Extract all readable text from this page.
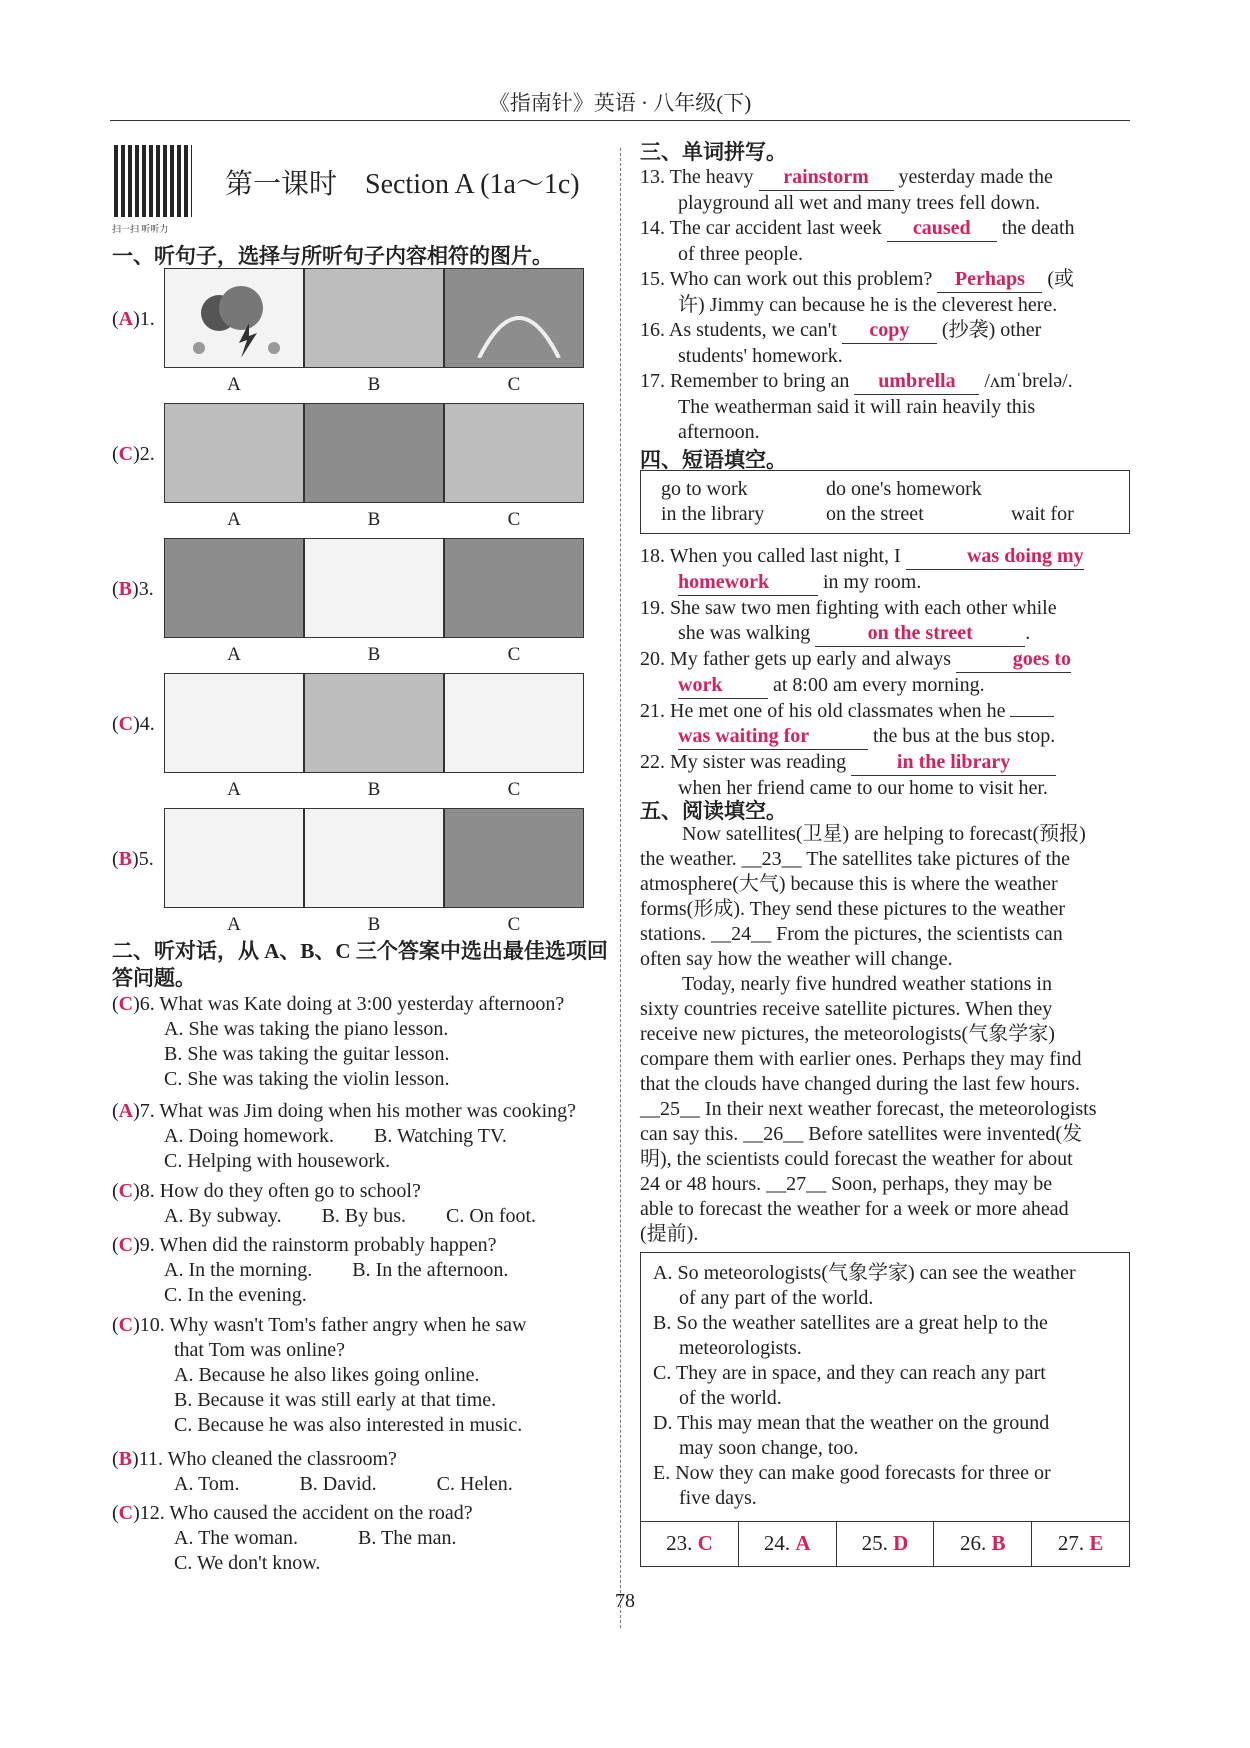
《指南针》英语 · 八年级(下)
扫一扫 听听力
第一课时　Section A (1a～1c)
一、听句子，选择与所听句子内容相符的图片。
(A)1.
A	B	C
(C)2.
A	B	C
(B)3.
A	B	C
(C)4.
A	B	C
(B)5.
A	B	C
二、听对话，从 A、B、C 三个答案中选出最佳选项回
答问题。
(C)6. What was Kate doing at 3:00 yesterday afternoon?
A. She was taking the piano lesson.
B. She was taking the guitar lesson.
C. She was taking the violin lesson.
(A)7. What was Jim doing when his mother was cooking?
A. Doing homework.　　B. Watching TV.
C. Helping with housework.
(C)8. How do they often go to school?
A. By subway.　　B. By bus.　　C. On foot.
(C)9. When did the rainstorm probably happen?
A. In the morning.　　B. In the afternoon.
C. In the evening.
(C)10. Why wasn't Tom's father angry when he saw
that Tom was online?
A. Because he also likes going online.
B. Because it was still early at that time.
C. Because he was also interested in music.
(B)11. Who cleaned the classroom?
A. Tom.　　　B. David.　　　C. Helen.
(C)12. Who caused the accident on the road?
A. The woman.　　　B. The man.
C. We don't know.
三、单词拼写。
13. The heavy rainstorm yesterday made the
playground all wet and many trees fell down.
14. The car accident last week caused the death
of three people.
15. Who can work out this problem? Perhaps (或
许) Jimmy can because he is the cleverest here.
16. As students, we can't copy (抄袭) other
students' homework.
17. Remember to bring an umbrella /ʌmˈbrelə/.
The weatherman said it will rain heavily this
afternoon.
四、短语填空。
go to work	do one's homework
in the library	on the street	wait for
18. When you called last night, I	was doing my
homework in my room.
19. She saw two men fighting with each other while
she was walking	on the street	.
20. My father gets up early and always	goes to
work at 8:00 am every morning.
21. He met one of his old classmates when he
was waiting for	the bus at the bus stop.
22. My sister was reading in the library
when her friend came to our home to visit her.
五、阅读填空。
Now satellites(卫星) are helping to forecast(预报)
the weather. __23__ The satellites take pictures of the
atmosphere(大气) because this is where the weather
forms(形成). They send these pictures to the weather
stations. __24__ From the pictures, the scientists can
often say how the weather will change.
Today, nearly five hundred weather stations in
sixty countries receive satellite pictures. When they
receive new pictures, the meteorologists(气象学家)
compare them with earlier ones. Perhaps they may find
that the clouds have changed during the last few hours.
__25__ In their next weather forecast, the meteorologists
can say this. __26__ Before satellites were invented(发
明), the scientists could forecast the weather for about
24 or 48 hours. __27__ Soon, perhaps, they may be
able to forecast the weather for a week or more ahead
(提前).
A. So meteorologists(气象学家) can see the weather
of any part of the world.
B. So the weather satellites are a great help to the
meteorologists.
C. They are in space, and they can reach any part
of the world.
D. This may mean that the weather on the ground
may soon change, too.
E. Now they can make good forecasts for three or
five days.
23. C	24. A	25. D	26. B	27. E
78
